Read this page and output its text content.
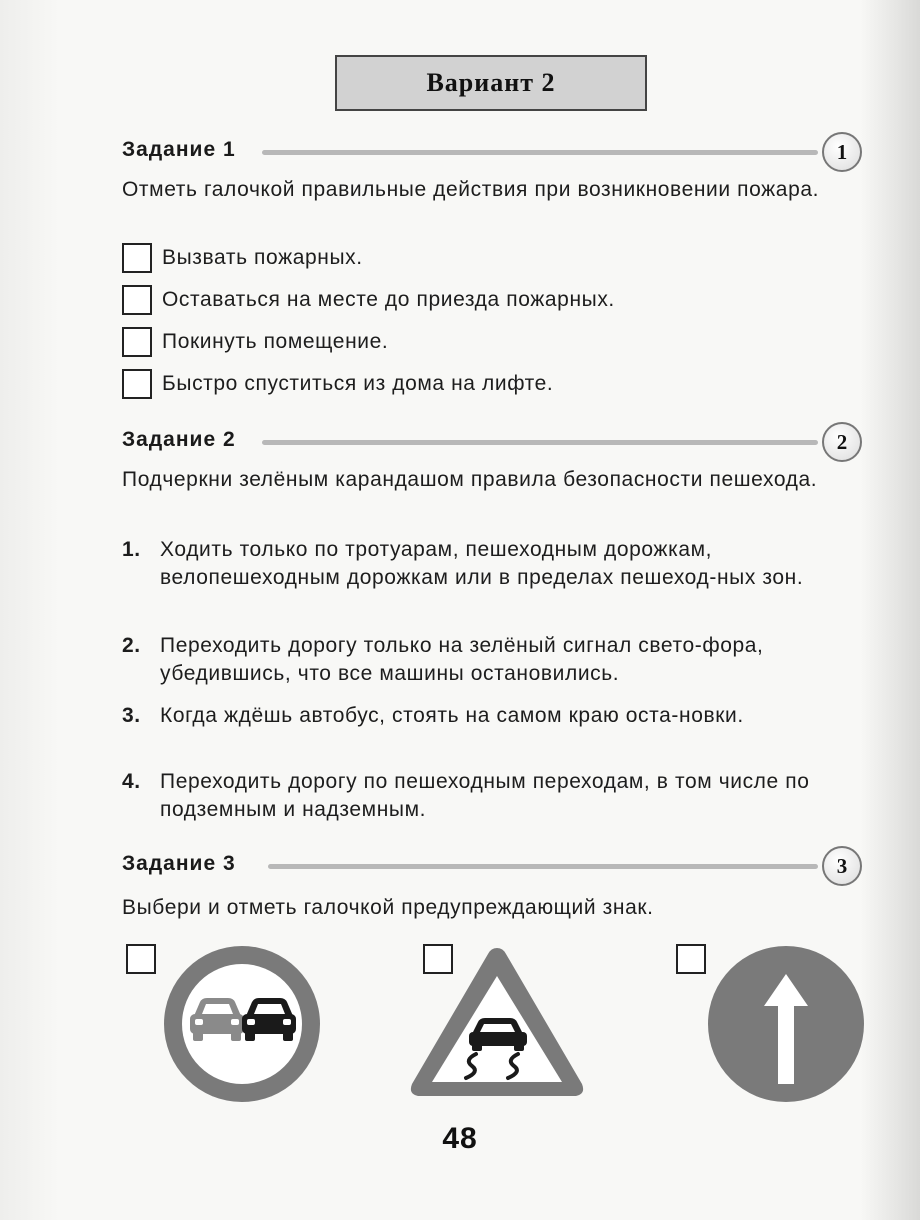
Вариант 2
Задание 1	1
Отметь галочкой правильные действия при возникновении пожара.
Вызвать пожарных.
Оставаться на месте до приезда пожарных.
Покинуть помещение.
Быстро спуститься из дома на лифте.
Задание 2	2
Подчеркни зелёным карандашом правила безопасности пешехода.
1. Ходить только по тротуарам, пешеходным дорожкам, велопешеходным дорожкам или в пределах пешеход-ных зон.
2. Переходить дорогу только на зелёный сигнал свето-фора, убедившись, что все машины остановились.
3. Когда ждёшь автобус, стоять на самом краю оста-новки.
4. Переходить дорогу по пешеходным переходам, в том числе по подземным и надземным.
Задание 3	3
Выбери и отметь галочкой предупреждающий знак.
48
